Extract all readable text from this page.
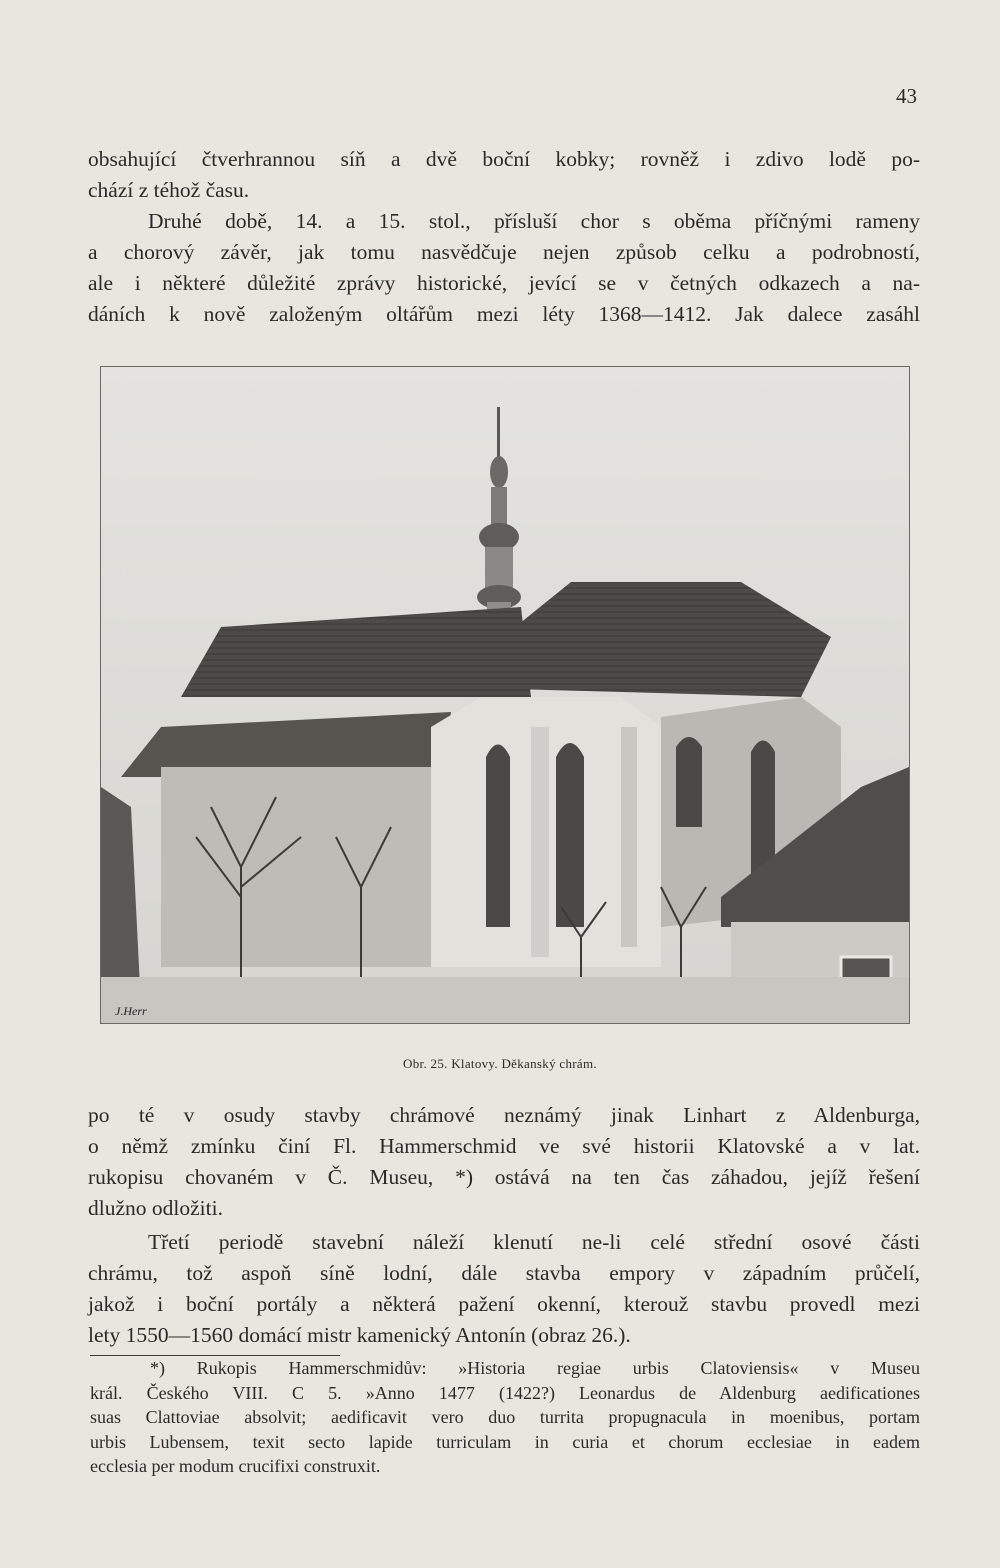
43
obsahující čtverhrannou síň a dvě boční kobky; rovněž i zdivo lodě po-
chází z téhož času.
Druhé době, 14. a 15. stol., přísluší chor s oběma příčnými rameny
a chorový závěr, jak tomu nasvědčuje nejen způsob celku a podrobností,
ale i některé důležité zprávy historické, jevící se v četných odkazech a na-
dáních k nově založeným oltářům mezi léty 1368—1412. Jak dalece zasáhl
J.Herr
Obr. 25. Klatovy. Děkanský chrám.
po té v osudy stavby chrámové neznámý jinak Linhart z Aldenburga,
o němž zmínku činí Fl. Hammerschmid ve své historii Klatovské a v lat.
rukopisu chovaném v Č. Museu, *) ostává na ten čas záhadou, jejíž řešení
dlužno odložiti.
Třetí periodě stavební náleží klenutí ne-li celé střední osové části
chrámu, tož aspoň síně lodní, dále stavba empory v západním průčelí,
jakož i boční portály a některá pažení okenní, kterouž stavbu provedl mezi
lety 1550—1560 domácí mistr kamenický Antonín (obraz 26.).
*) Rukopis Hammerschmidův: »Historia regiae urbis Clatoviensis« v Museu
král. Českého VIII. C 5. »Anno 1477 (1422?) Leonardus de Aldenburg aedificationes
suas Clattoviae absolvit; aedificavit vero duo turrita propugnacula in moenibus, portam
urbis Lubensem, texit secto lapide turriculam in curia et chorum ecclesiae in eadem
ecclesia per modum crucifixi construxit.
